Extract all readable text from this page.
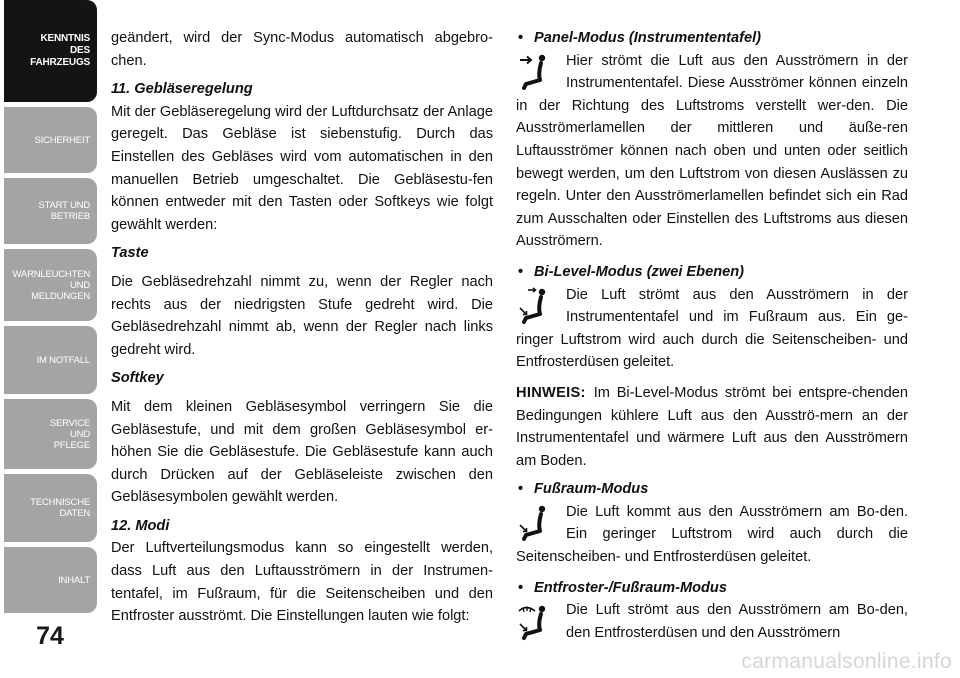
KENNTNIS
DES
FAHRZEUGS
SICHERHEIT
START UND
BETRIEB
WARNLEUCHTEN
UND
MELDUNGEN
IM NOTFALL
SERVICE
UND
PFLEGE
TECHNISCHE
DATEN
INHALT
74

geändert, wird der Sync-Modus automatisch abgebro-chen.

11. Gebläseregelung

Mit der Gebläseregelung wird der Luftdurchsatz der Anlage geregelt. Das Gebläse ist siebenstufig. Durch das Einstellen des Gebläses wird vom automatischen in den manuellen Betrieb umgeschaltet. Die Gebläsestu-fen können entweder mit den Tasten oder Softkeys wie folgt gewählt werden:

Taste

Die Gebläsedrehzahl nimmt zu, wenn der Regler nach rechts aus der niedrigsten Stufe gedreht wird. Die Gebläsedrehzahl nimmt ab, wenn der Regler nach links gedreht wird.

Softkey

Mit dem kleinen Gebläsesymbol verringern Sie die Gebläsestufe, und mit dem großen Gebläsesymbol er-höhen Sie die Gebläsestufe. Die Gebläsestufe kann auch durch Drücken auf der Gebläseleiste zwischen den Gebläsesymbolen gewählt werden.

12. Modi

Der Luftverteilungsmodus kann so eingestellt werden, dass Luft aus den Luftausströmern in der Instrumen-tentafel, im Fußraum, für die Seitenscheiben und den Entfroster ausströmt. Die Einstellungen lauten wie folgt:

• Panel-Modus (Instrumententafel)
Hier strömt die Luft aus den Ausströmern in der Instrumententafel. Diese Ausströmer können einzeln in der Richtung des Luftstroms verstellt wer-den. Die Ausströmerlamellen der mittleren und äuße-ren Luftausströmer können nach oben und unten oder seitlich bewegt werden, um den Luftstrom von diesen Auslässen zu regeln. Unter den Ausströmerlamellen befindet sich ein Rad zum Ausschalten oder Einstellen des Luftstroms aus diesen Ausströmern.
• Bi-Level-Modus (zwei Ebenen)
Die Luft strömt aus den Ausströmern in der Instrumententafel und im Fußraum aus. Ein ge-ringer Luftstrom wird auch durch die Seitenscheiben- und Entfrosterdüsen geleitet.

HINWEIS: Im Bi-Level-Modus strömt bei entspre-chenden Bedingungen kühlere Luft aus den Ausströ-mern an der Instrumententafel und wärmere Luft aus den Ausströmern am Boden.

• Fußraum-Modus
Die Luft kommt aus den Ausströmern am Bo-den. Ein geringer Luftstrom wird auch durch die Seitenscheiben- und Entfrosterdüsen geleitet.
• Entfroster-/Fußraum-Modus
Die Luft strömt aus den Ausströmern am Bo-den, den Entfrosterdüsen und den Ausströmern
carmanualsonline.info
